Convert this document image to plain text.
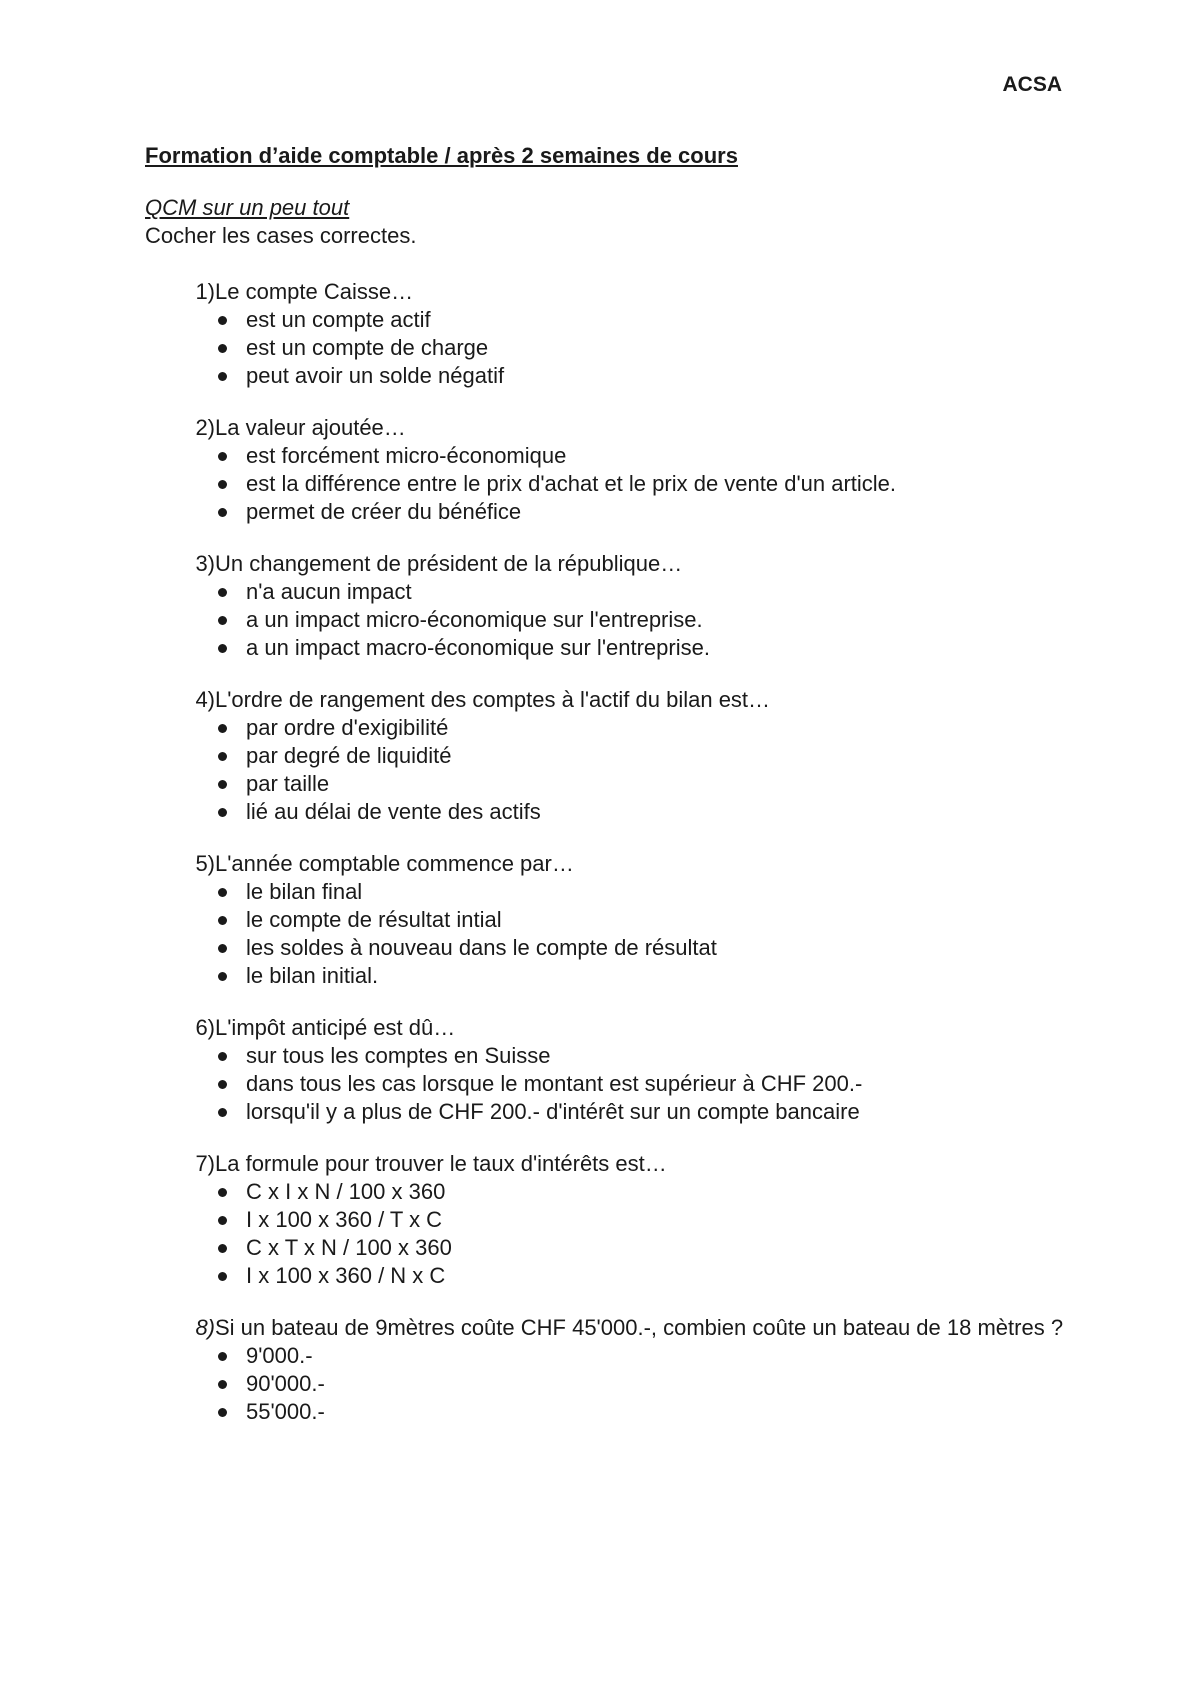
ACSA

Formation d’aide comptable / après 2 semaines de cours

QCM sur un peu tout

Cocher les cases correctes.

1) Le compte Caisse…
est un compte actif
est un compte de charge
peut avoir un solde négatif
2) La valeur ajoutée…
est forcément micro-économique
est la différence entre le prix d'achat et le prix de vente d'un article.
permet de créer du bénéfice
3) Un changement de président de la république…
n'a aucun impact
a un impact micro-économique sur l'entreprise.
a un impact macro-économique sur l'entreprise.
4) L'ordre de rangement des comptes à l'actif du bilan est…
par ordre d'exigibilité
par degré de liquidité
par taille
lié au délai de vente des actifs
5) L'année comptable commence par…
le bilan final
le compte de résultat intial
les soldes à nouveau dans le compte de résultat
le bilan initial.
6) L'impôt anticipé est dû…
sur tous les comptes en Suisse
dans tous les cas lorsque le montant est supérieur à CHF 200.-
lorsqu'il y a plus de CHF 200.- d'intérêt sur un compte bancaire
7) La formule pour trouver le taux d'intérêts est…
C x I x N / 100 x 360
I x 100 x 360 / T x C
C x T x N / 100 x 360
I x 100 x 360 / N x C
8) Si un bateau de 9mètres coûte CHF 45'000.-, combien coûte un bateau de 18 mètres ?
9'000.-
90'000.-
55'000.-
